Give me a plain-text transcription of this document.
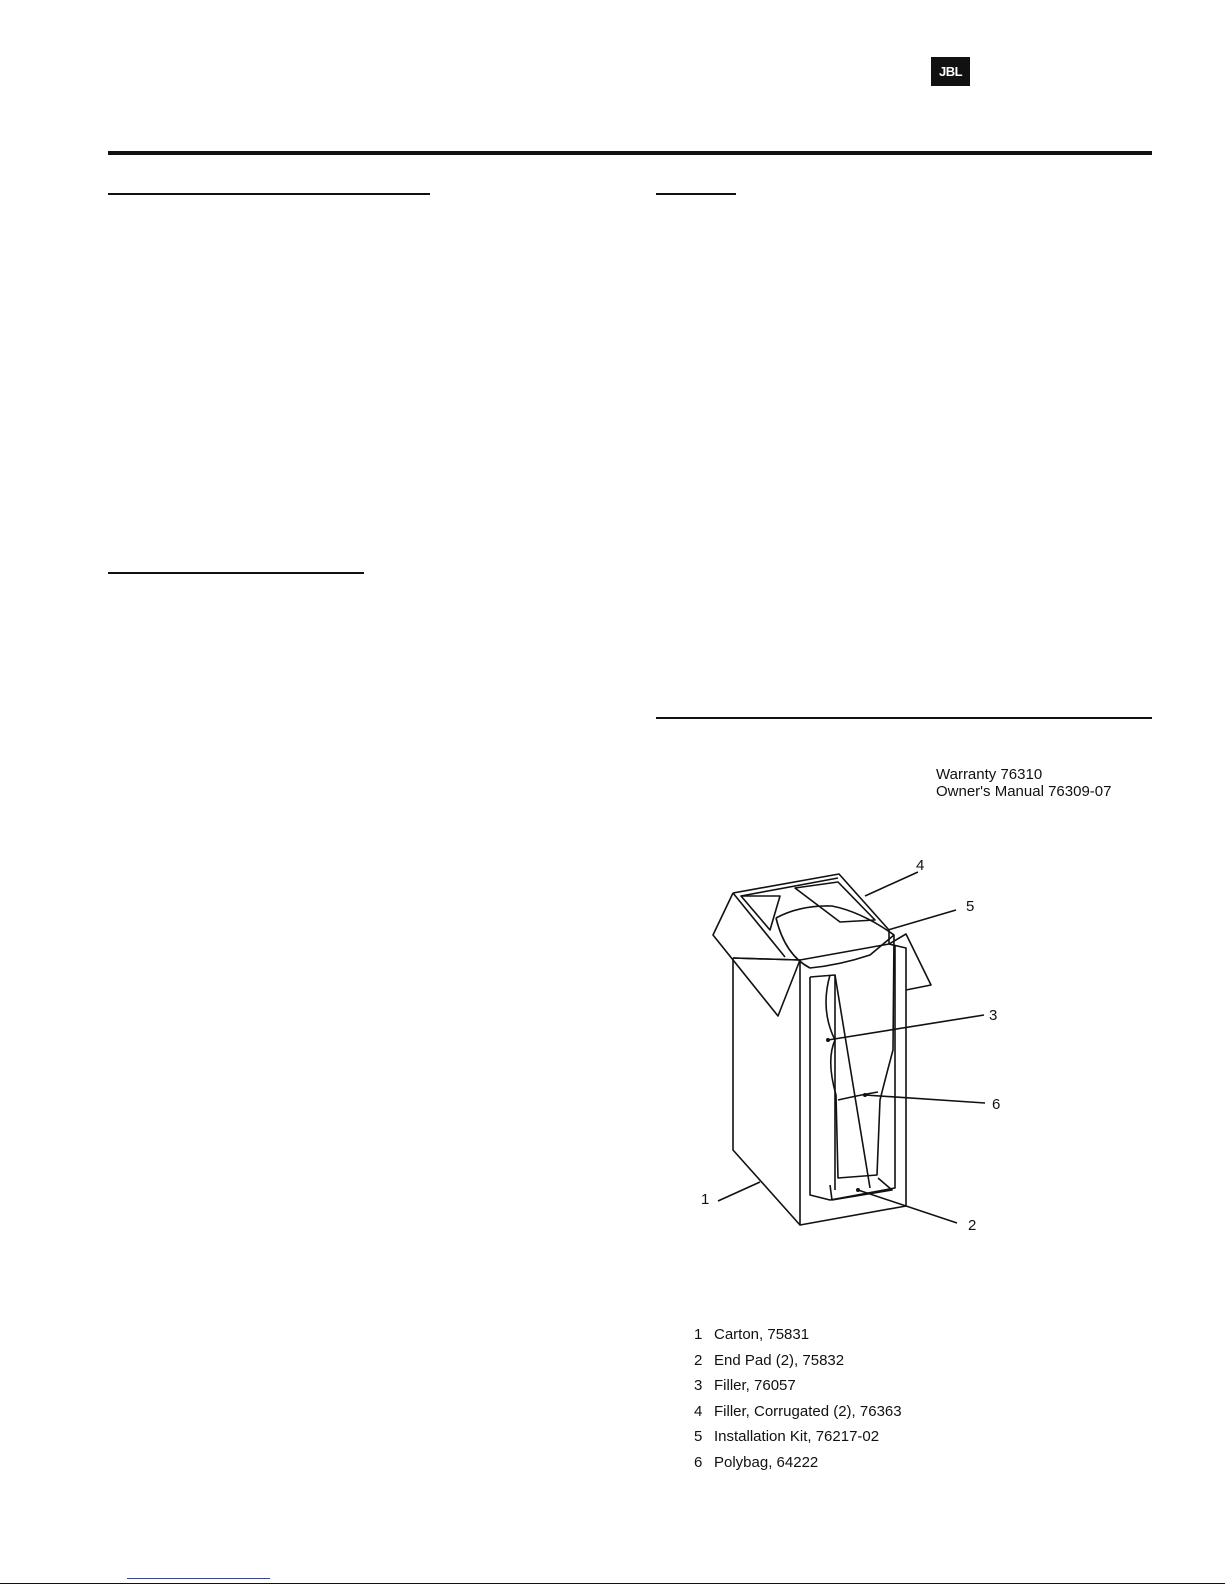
JBL
Warranty 76310
Owner's Manual 76309-07
4
5
3
6
2
1
1 Carton, 75831
2 End Pad (2), 75832
3 Filler, 76057
4 Filler, Corrugated (2), 76363
5 Installation Kit, 76217-02
6 Polybag, 64222
